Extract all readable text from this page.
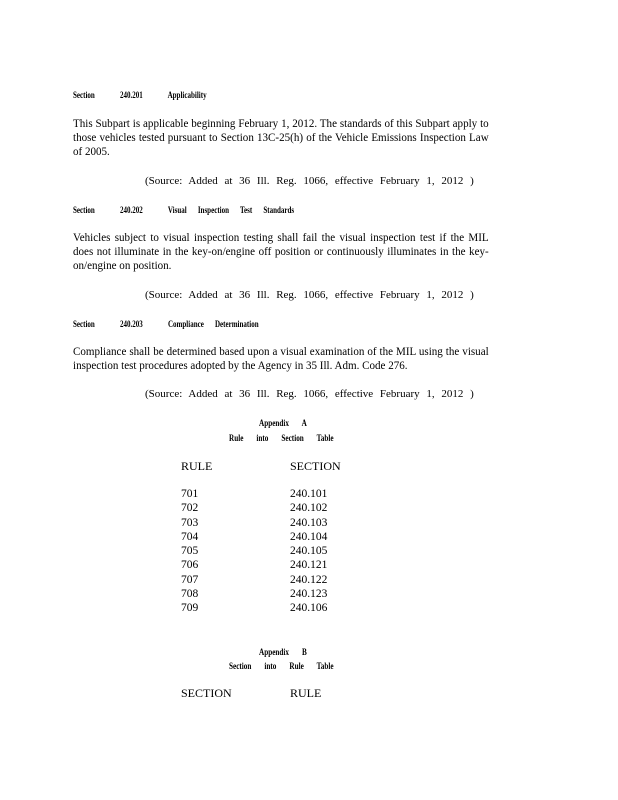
Section	240.201	Applicability
This Subpart is applicable beginning February 1, 2012. The standards of this Subpart apply to those vehicles tested pursuant to Section 13C-25(h) of the Vehicle Emissions Inspection Law of 2005.
(Source: Added at 36 Ill. Reg. 1066, effective February 1, 2012 )
Section	240.202	Visual Inspection Test Standards
Vehicles subject to visual inspection testing shall fail the visual inspection test if the MIL does not illuminate in the key-on/engine off position or continuously illuminates in the key-on/engine on position.
(Source: Added at 36 Ill. Reg. 1066, effective February 1, 2012 )
Section	240.203	Compliance Determination
Compliance shall be determined based upon a visual examination of the MIL using the visual inspection test procedures adopted by the Agency in 35 Ill. Adm. Code 276.
(Source: Added at 36 Ill. Reg. 1066, effective February 1, 2012 )
Appendix A
Rule into Section Table
RULE	SECTION
701	240.101
702	240.102
703	240.103
704	240.104
705	240.105
706	240.121
707	240.122
708	240.123
709	240.106
Appendix B
Section into Rule Table
SECTION	RULE
